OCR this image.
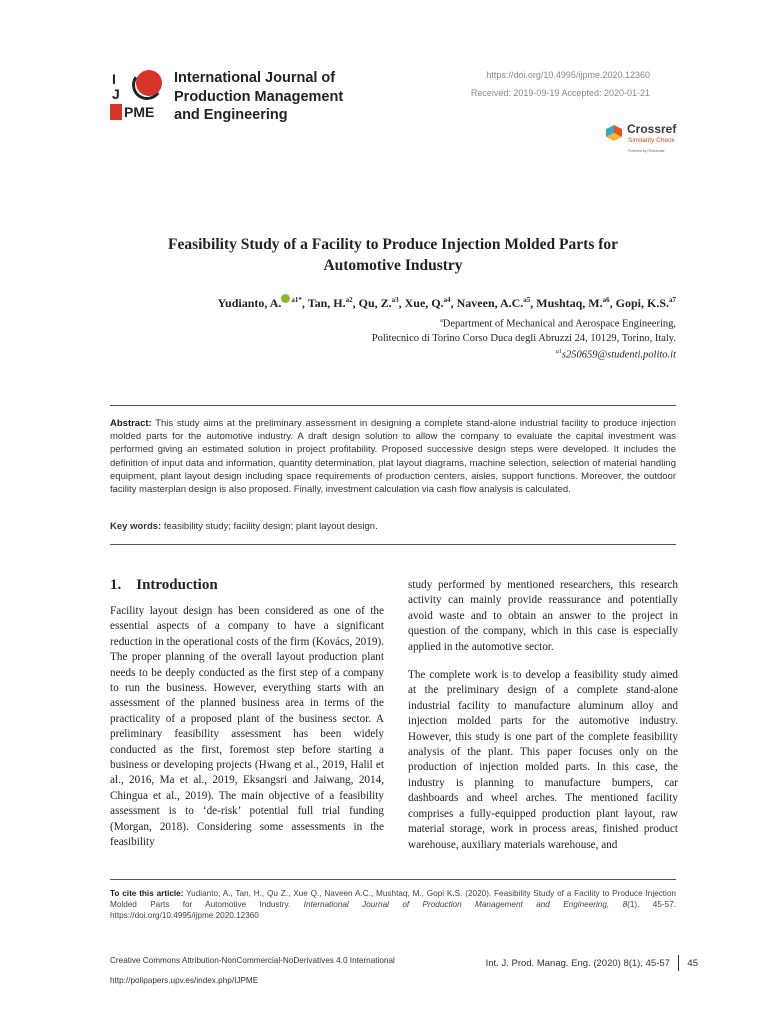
I
J
PME
International Journal of
Production Management
and Engineering
https://doi.org/10.4995/ijpme.2020.12360
Received: 2019-09-19 Accepted: 2020-01-21
Crossref
Similarity Check
Powered by iThenticate
Feasibility Study of a Facility to Produce Injection Molded Parts for
Automotive Industry
Yudianto, A. $^{a1*}$, Tan, H.$^{a2}$, Qu, Z.$^{a3}$, Xue, Q.$^{a4}$, Naveen, A.C.$^{a5}$, Mushtaq, M.$^{a6}$, Gopi, K.S.$^{a7}$
$^a$Department of Mechanical and Aerospace Engineering,
Politecnico di Torino Corso Duca degli Abruzzi 24, 10129, Torino, Italy.
$^{a1}$s250659@studenti.polito.it
Abstract: This study aims at the preliminary assessment in designing a complete stand-alone industrial facility to produce injection molded parts for the automotive industry. A draft design solution to allow the company to evaluate the capital investment was performed giving an estimated solution in project profitability. Proposed successive design steps were developed. It includes the definition of input data and information, quantity determination, plat layout diagrams, machine selection, selection of material handling equipment, plant layout design including space requirements of production centers, aisles, support functions. Moreover, the outdoor facility masterplan design is also proposed. Finally, investment calculation via cash flow analysis is calculated.
Key words: feasibility study; facility design; plant layout design.
1. Introduction

Facility layout design has been considered as one of the essential aspects of a company to have a significant reduction in the operational costs of the firm (Kovács, 2019). The proper planning of the overall layout production plant needs to be deeply conducted as the first step of a company to run the business. However, everything starts with an assessment of the planned business area in terms of the practicality of a proposed plant of the business sector. A preliminary feasibility assessment has been widely conducted as the first, foremost step before starting a business or developing projects (Hwang et al., 2019, Halil et al., 2016, Ma et al., 2019, Eksangsri and Jaiwang, 2014, Chingua et al., 2019). The main objective of a feasibility assessment is to ‘de-risk’ potential full trial funding (Morgan, 2018). Considering some assessments in the feasibility

study performed by mentioned researchers, this research activity can mainly provide reassurance and potentially avoid waste and to obtain an answer to the project in question of the company, which in this case is especially applied in the automotive sector.

The complete work is to develop a feasibility study aimed at the preliminary design of a complete stand-alone industrial facility to manufacture aluminum alloy and injection molded parts for the automotive industry. However, this study is one part of the complete feasibility analysis of the plant. This paper focuses only on the production of injection molded parts. In this case, the industry is planning to manufacture bumpers, car dashboards and wheel arches. The mentioned facility comprises a fully-equipped production plant layout, raw material storage, work in process areas, finished product warehouse, auxiliary materials warehouse, and

To cite this article: Yudianto, A., Tan, H., Qu Z., Xue Q., Naveen A.C., Mushtaq, M., Gopi K.S. (2020). Feasibility Study of a Facility to Produce Injection Molded Parts for Automotive Industry. International Journal of Production Management and Engineering, 8(1), 45-57. https://doi.org/10.4995/ijpme.2020.12360
Creative Commons Attribution-NonCommercial-NoDerivatives 4.0 International
http://polipapers.upv.es/index.php/IJPME
Int. J. Prod. Manag. Eng. (2020) 8(1), 45-57 45
